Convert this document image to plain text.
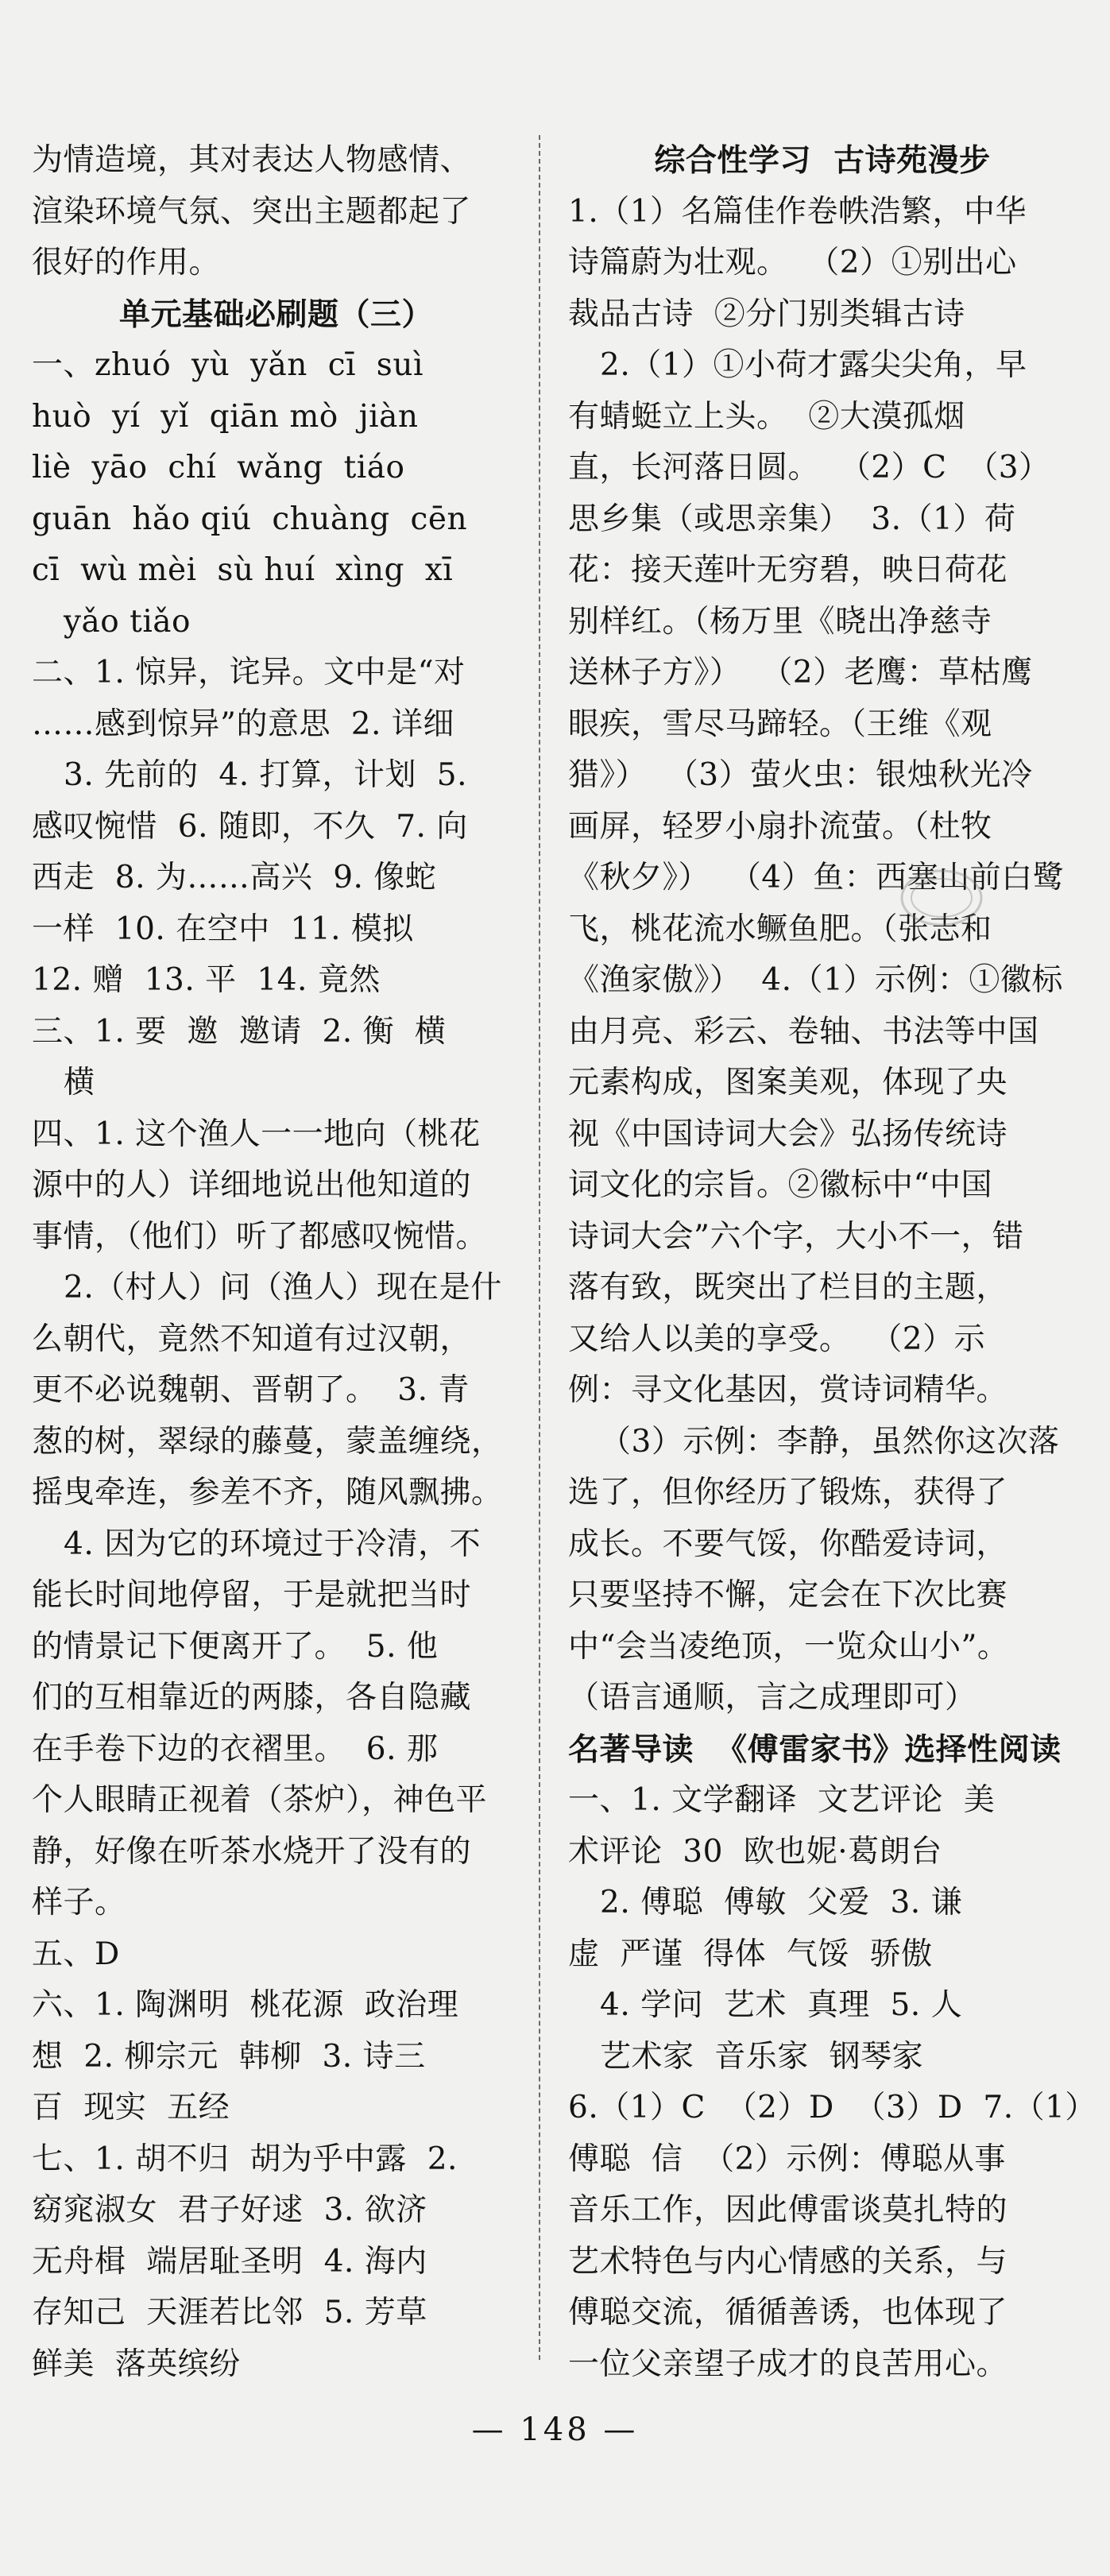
为情造境，其对表达人物感情、
渲染环境气氛、突出主题都起了
很好的作用。
单元基础必刷题（三）
一、zhuó  yù  yǎn  cī  suì
huò  yí  yǐ  qiān mò  jiàn
liè  yāo  chí  wǎng  tiáo
guān  hǎo qiú  chuàng  cēn
cī  wù mèi  sù huí  xìng  xī
yǎo tiǎo
二、1. 惊异，诧异。文中是“对
……感到惊异”的意思  2. 详细
3. 先前的  4. 打算，计划  5.
感叹惋惜  6. 随即，不久  7. 向
西走  8. 为……高兴  9. 像蛇
一样  10. 在空中  11. 模拟
12. 赠  13. 平  14. 竟然
三、1. 要  邀  邀请  2. 衡  横
横
四、1. 这个渔人一一地向（桃花
源中的人）详细地说出他知道的
事情，（他们）听了都感叹惋惜。
2.（村人）问（渔人）现在是什
么朝代，竟然不知道有过汉朝，
更不必说魏朝、晋朝了。  3. 青
葱的树，翠绿的藤蔓，蒙盖缠绕，
摇曳牵连，参差不齐，随风飘拂。
4. 因为它的环境过于冷清，不
能长时间地停留，于是就把当时
的情景记下便离开了。  5. 他
们的互相靠近的两膝，各自隐藏
在手卷下边的衣褶里。  6. 那
个人眼睛正视着（茶炉），神色平
静，好像在听茶水烧开了没有的
样子。
五、D
六、1. 陶渊明  桃花源  政治理
想  2. 柳宗元  韩柳  3. 诗三
百  现实  五经
七、1. 胡不归  胡为乎中露  2.
窈窕淑女  君子好逑  3. 欲济
无舟楫  端居耻圣明  4. 海内
存知己  天涯若比邻  5. 芳草
鲜美  落英缤纷
综合性学习  古诗苑漫步
1.（1）名篇佳作卷帙浩繁，中华
诗篇蔚为壮观。  （2）①别出心
裁品古诗  ②分门别类辑古诗
2.（1）①小荷才露尖尖角，早
有蜻蜓立上头。  ②大漠孤烟
直，长河落日圆。  （2）C  （3）
思乡集（或思亲集）  3.（1）荷
花：接天莲叶无穷碧，映日荷花
别样红。（杨万里《晓出净慈寺
送林子方》）  （2）老鹰：草枯鹰
眼疾，雪尽马蹄轻。（王维《观
猎》）  （3）萤火虫：银烛秋光冷
画屏，轻罗小扇扑流萤。（杜牧
《秋夕》）  （4）鱼：西塞山前白鹭
飞，桃花流水鳜鱼肥。（张志和
《渔家傲》）  4.（1）示例：①徽标
由月亮、彩云、卷轴、书法等中国
元素构成，图案美观，体现了央
视《中国诗词大会》弘扬传统诗
词文化的宗旨。②徽标中“中国
诗词大会”六个字，大小不一，错
落有致，既突出了栏目的主题，
又给人以美的享受。  （2）示
例：寻文化基因，赏诗词精华。
（3）示例：李静，虽然你这次落
选了，但你经历了锻炼，获得了
成长。不要气馁，你酷爱诗词，
只要坚持不懈，定会在下次比赛
中“会当凌绝顶，一览众山小”。
（语言通顺，言之成理即可）
名著导读  《傅雷家书》选择性阅读
一、1. 文学翻译  文艺评论  美
术评论  30  欧也妮·葛朗台
2. 傅聪  傅敏  父爱  3. 谦
虚  严谨  得体  气馁  骄傲
4. 学问  艺术  真理  5. 人
艺术家  音乐家  钢琴家
6.（1）C  （2）D  （3）D  7.（1）
傅聪  信  （2）示例：傅聪从事
音乐工作，因此傅雷谈莫扎特的
艺术特色与内心情感的关系，与
傅聪交流，循循善诱，也体现了
一位父亲望子成才的良苦用心。
— 148 —
